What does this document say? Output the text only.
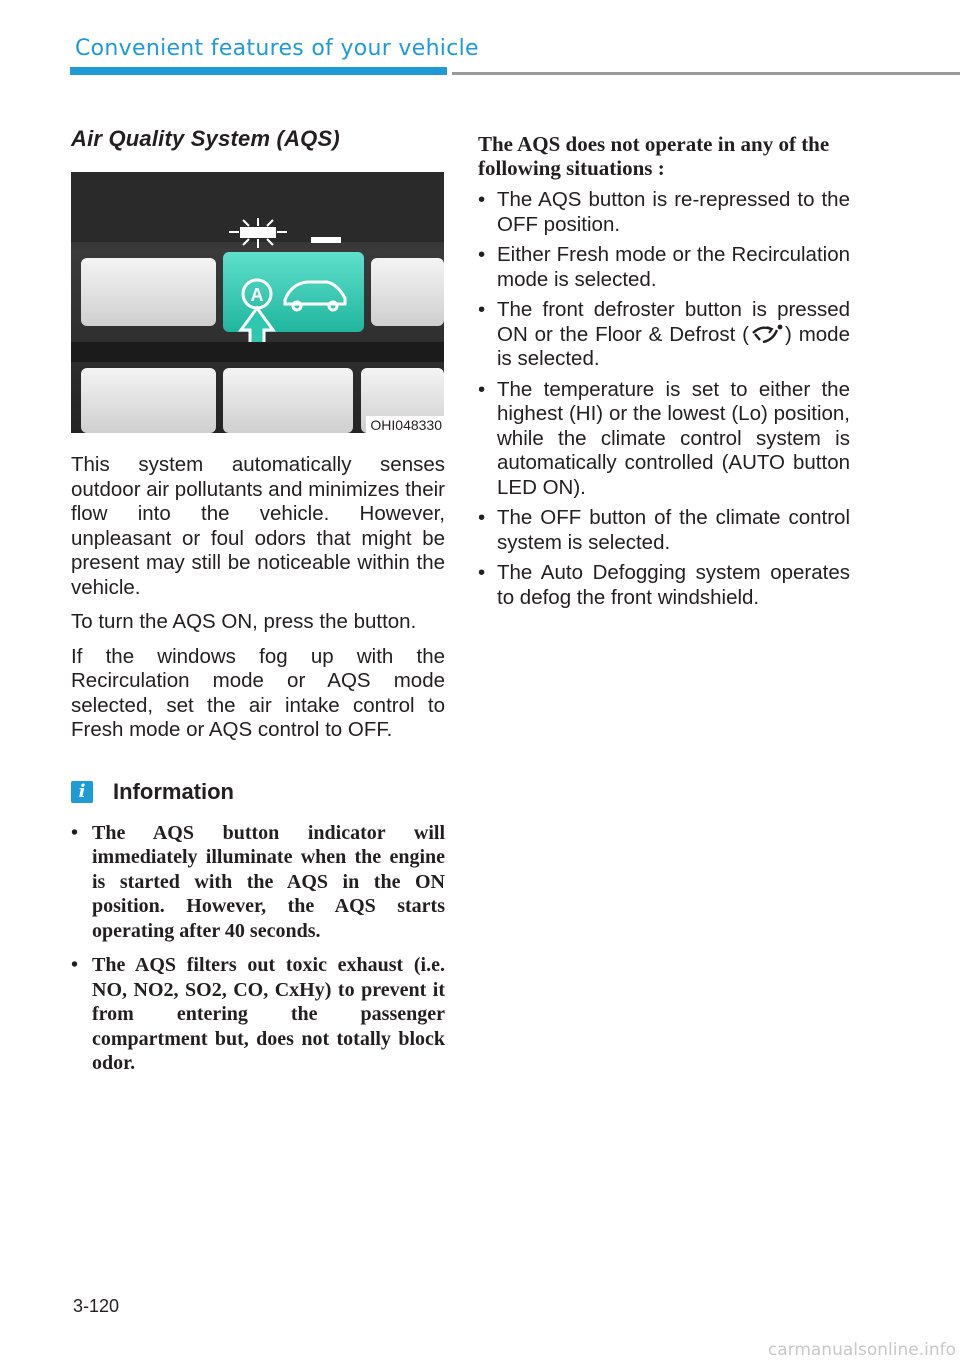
Convenient features of your vehicle
Air Quality System (AQS)
A
OHI048330

This system automatically senses outdoor air pollutants and minimizes their flow into the vehicle. However, unpleasant or foul odors that might be present may still be noticeable within the vehicle.

To turn the AQS ON, press the button.

If the windows fog up with the Recirculation mode or AQS mode selected, set the air intake control to Fresh mode or AQS control to OFF.

i	Information
• The AQS button indicator will immediately illuminate when the engine is started with the AQS in the ON position. However, the AQS starts operating after 40 seconds.
• The AQS filters out toxic exhaust (i.e. NO, NO2, SO2, CO, CxHy) to prevent it from entering the passenger compartment but, does not totally block odor.
The AQS does not operate in any of the following situations :
• The AQS button is re-repressed to the OFF position.
• Either Fresh mode or the Recirculation mode is selected.
• The front defroster button is pressed ON or the Floor & Defrost ( ) mode is selected.
• The temperature is set to either the highest (HI) or the lowest (Lo) position, while the climate control system is automatically controlled (AUTO button LED ON).
• The OFF button of the climate control system is selected.
• The Auto Defogging system operates to defog the front windshield.
3-120
carmanualsonline.info
